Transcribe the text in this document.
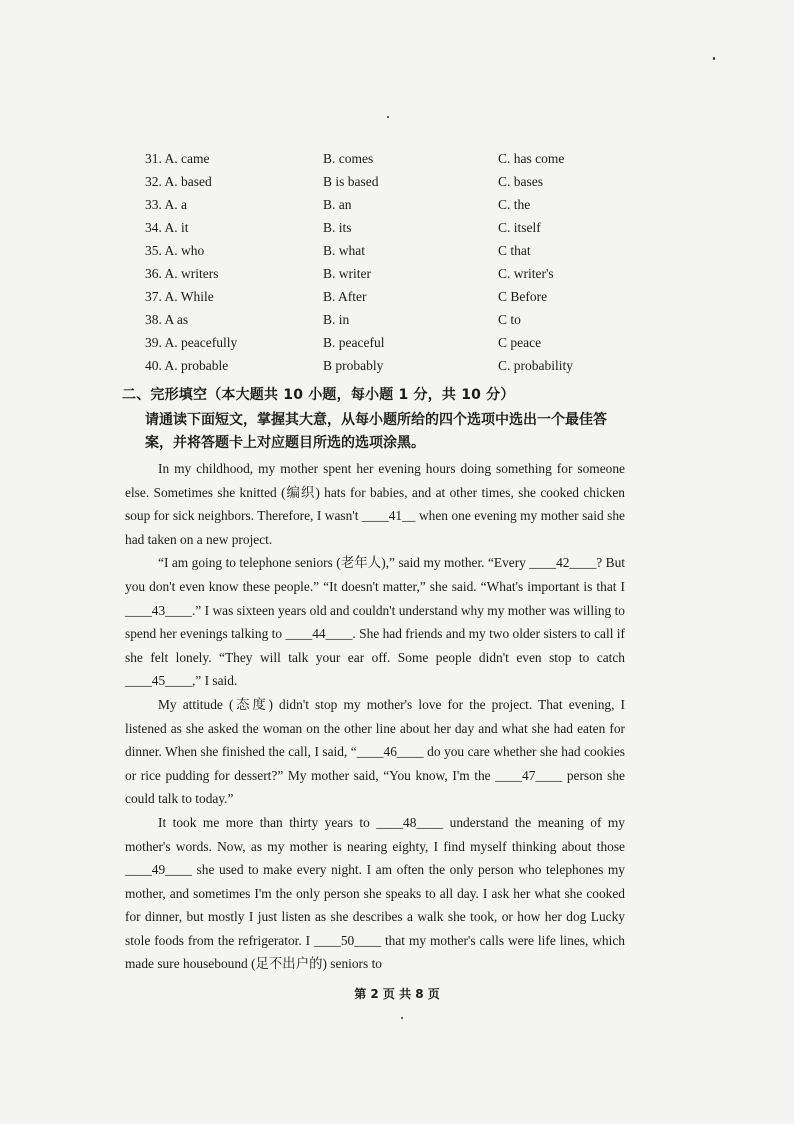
31. A. came	B. comes	C. has come
32. A. based	B is based	C. bases
33. A. a	B. an	C. the
34. A. it	B. its	C. itself
35. A. who	B. what	C that
36. A. writers	B. writer	C. writer's
37. A. While	B. After	C Before
38. A as	B. in	C to
39. A. peacefully	B. peaceful	C peace
40. A. probable	B probably	C. probability
二、完形填空（本大题共 10 小题，每小题 1 分，共 10 分）
请通读下面短文，掌握其大意，从每小题所给的四个选项中选出一个最佳答案，并将答题卡上对应题目所选的选项涂黑。

In my childhood, my mother spent her evening hours doing something for someone else. Sometimes she knitted (编织) hats for babies, and at other times, she cooked chicken soup for sick neighbors. Therefore, I wasn't ____41__ when one evening my mother said she had taken on a new project.

“I am going to telephone seniors (老年人),” said my mother. “Every ____42____? But you don't even know these people.” “It doesn't matter,” she said. “What's important is that I ____43____.” I was sixteen years old and couldn't understand why my mother was willing to spend her evenings talking to ____44____. She had friends and my two older sisters to call if she felt lonely. “They will talk your ear off. Some people didn't even stop to catch ____45____,” I said.

My attitude (态度) didn't stop my mother's love for the project. That evening, I listened as she asked the woman on the other line about her day and what she had eaten for dinner. When she finished the call, I said, “____46____ do you care whether she had cookies or rice pudding for dessert?” My mother said, “You know, I'm the ____47____ person she could talk to today.”

It took me more than thirty years to ____48____ understand the meaning of my mother's words. Now, as my mother is nearing eighty, I find myself thinking about those ____49____ she used to make every night. I am often the only person who telephones my mother, and sometimes I'm the only person she speaks to all day. I ask her what she cooked for dinner, but mostly I just listen as she describes a walk she took, or how her dog Lucky stole foods from the refrigerator. I ____50____ that my mother's calls were life lines, which made sure housebound (足不出户的) seniors to

第 2 页 共 8 页
